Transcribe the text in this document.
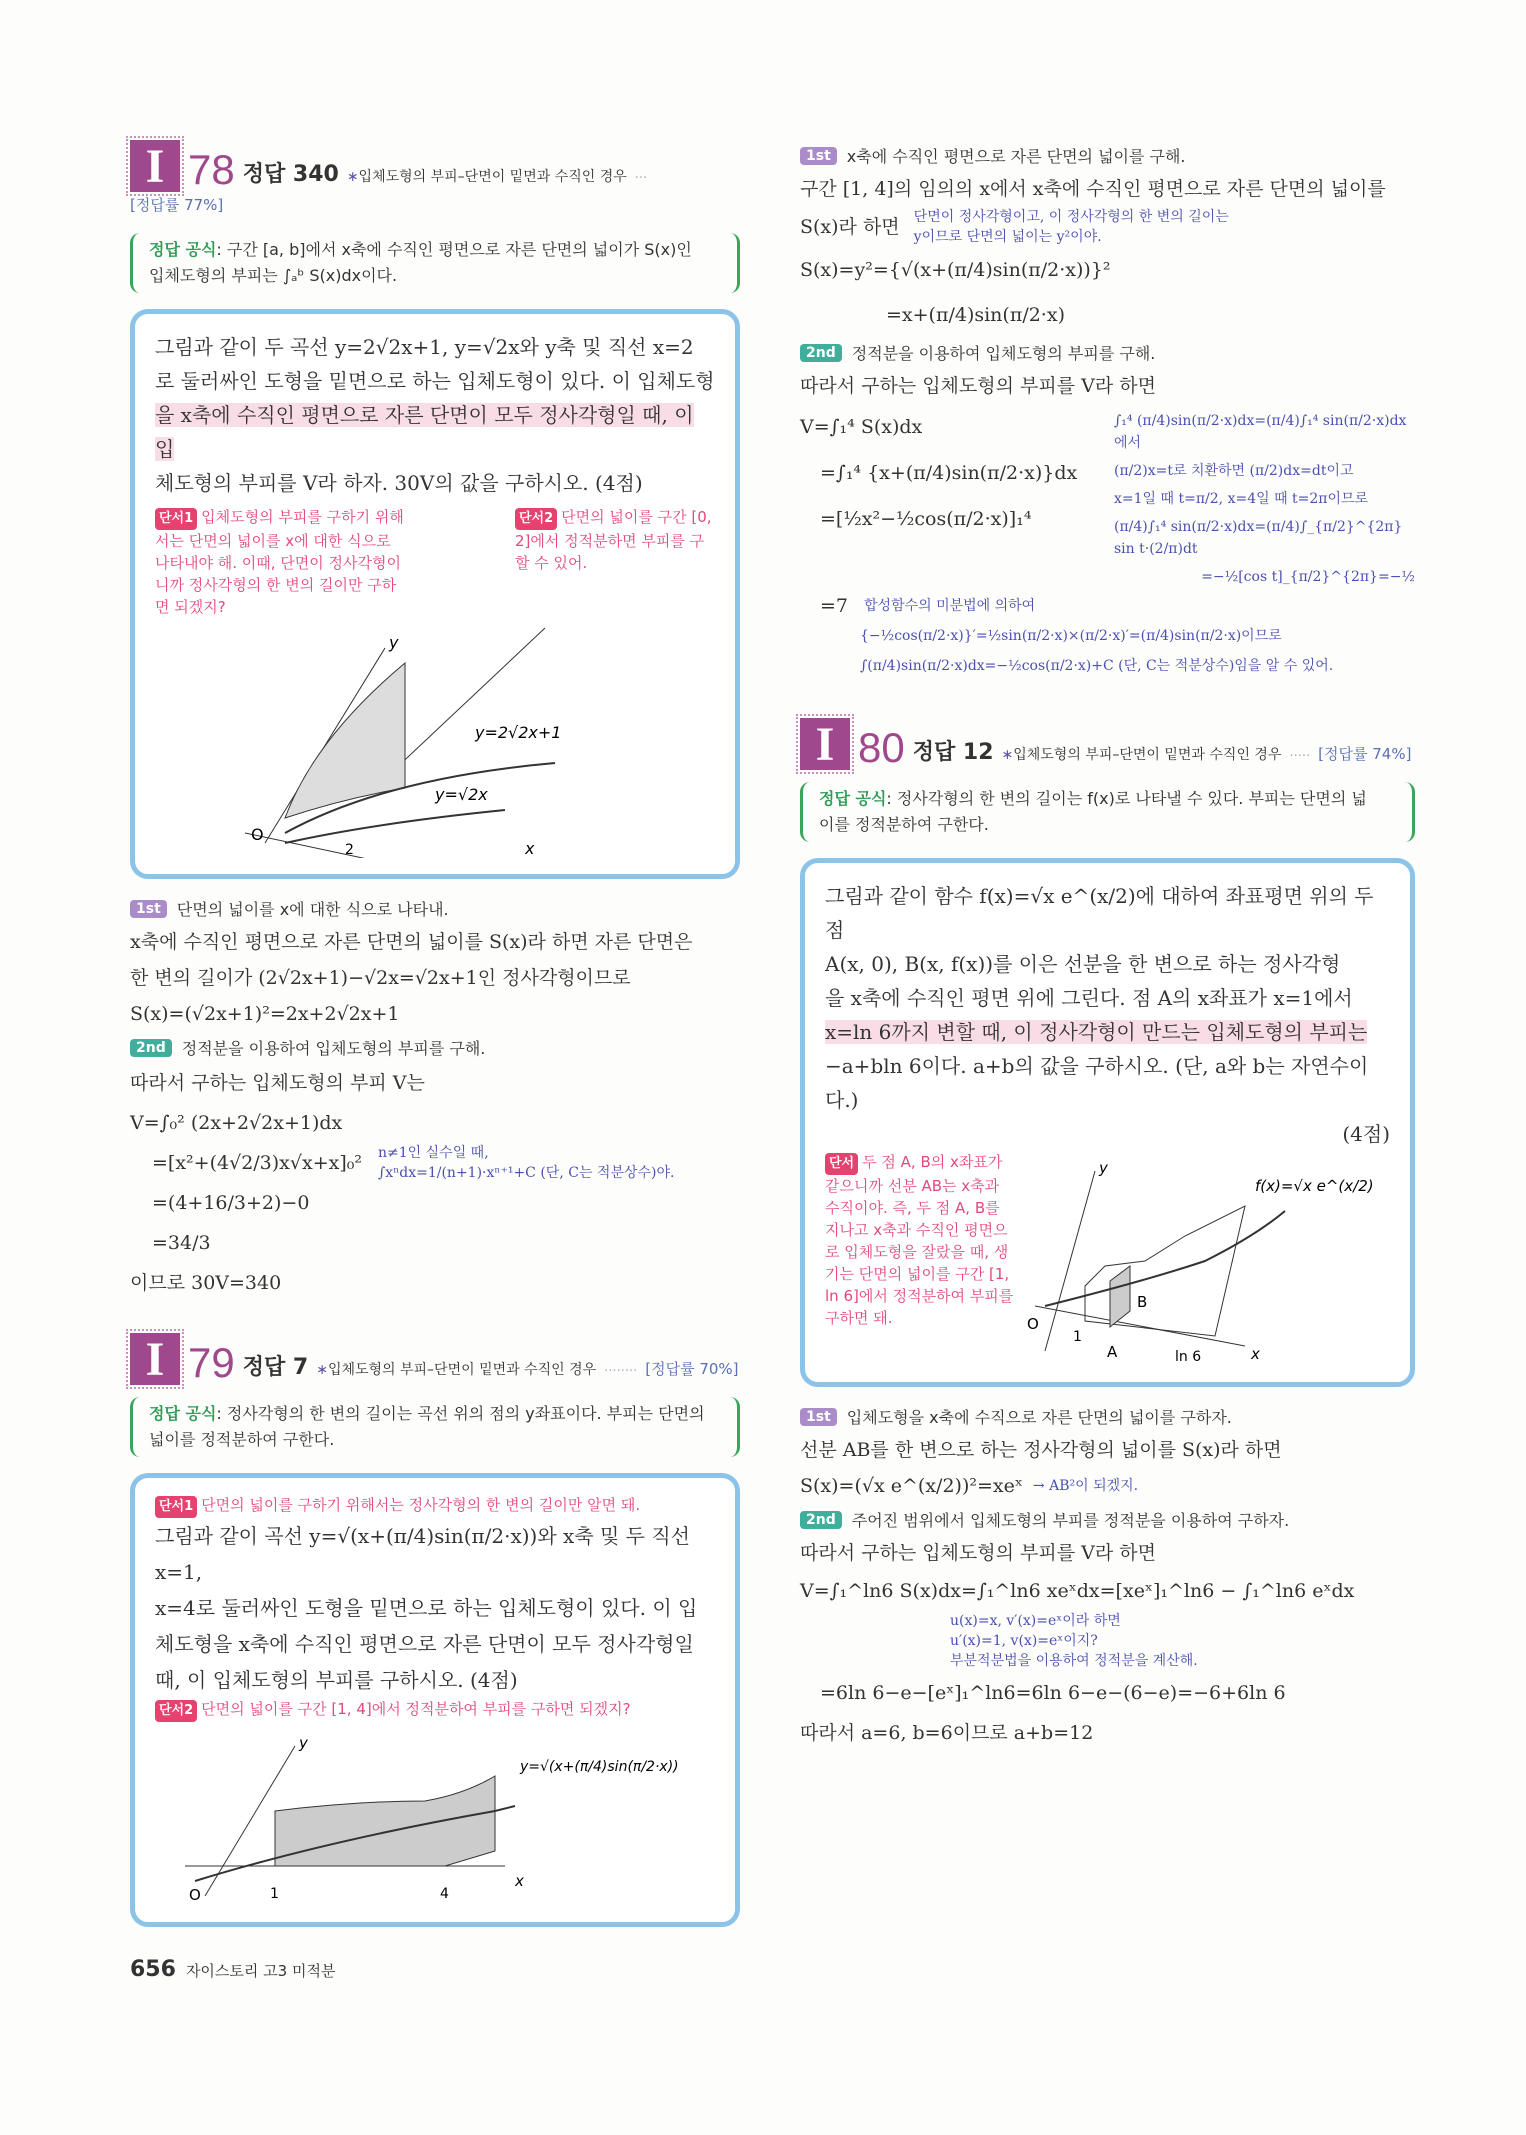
I 78 정답 340 ∗입체도형의 부피–단면이 밑면과 수직인 경우 ···
[정답률 77%]
정답 공식: 구간 [a, b]에서 x축에 수직인 평면으로 자른 단면의 넓이가 S(x)인
입체도형의 부피는 ∫ₐᵇ S(x)dx이다.
그림과 같이 두 곡선 y=2√2x+1, y=√2x와 y축 및 직선 x=2
로 둘러싸인 도형을 밑면으로 하는 입체도형이 있다. 이 입체도형
을 x축에 수직인 평면으로 자른 단면이 모두 정사각형일 때, 이 입
체도형의 부피를 V라 하자. 30V의 값을 구하시오. (4점)
단서1 입체도형의 부피를 구하기 위해서는 단면의 넓이를 x에 대한 식으로 나타내야 해. 이때, 단면이 정사각형이니까 정사각형의 한 변의 길이만 구하면 되겠지?
단서2 단면의 넓이를 구간 [0, 2]에서 정적분하면 부피를 구할 수 있어.
y
x
O
2
y=2√2x+1
y=√2x
1st	단면의 넓이를 x에 대한 식으로 나타내.
x축에 수직인 평면으로 자른 단면의 넓이를 S(x)라 하면 자른 단면은
한 변의 길이가 (2√2x+1)−√2x=√2x+1인 정사각형이므로
S(x)=(√2x+1)²=2x+2√2x+1
2nd	정적분을 이용하여 입체도형의 부피를 구해.
따라서 구하는 입체도형의 부피 V는
V=∫₀² (2x+2√2x+1)dx
=[x²+(4√2/3)x√x+x]₀² n≠1인 실수일 때,
∫xⁿdx=1/(n+1)·xⁿ⁺¹+C (단, C는 적분상수)야.
=(4+16/3+2)−0
=34/3
이므로 30V=340
I 79 정답 7 ∗입체도형의 부피–단면이 밑면과 수직인 경우 ········ [정답률 70%]
정답 공식: 정사각형의 한 변의 길이는 곡선 위의 점의 y좌표이다. 부피는 단면의
넓이를 정적분하여 구한다.
단서1 단면의 넓이를 구하기 위해서는 정사각형의 한 변의 길이만 알면 돼.
그림과 같이 곡선 y=√(x+(π/4)sin(π/2·x))와 x축 및 두 직선 x=1,
x=4로 둘러싸인 도형을 밑면으로 하는 입체도형이 있다. 이 입
체도형을 x축에 수직인 평면으로 자른 단면이 모두 정사각형일
때, 이 입체도형의 부피를 구하시오. (4점)
단서2 단면의 넓이를 구간 [1, 4]에서 정적분하여 부피를 구하면 되겠지?
y
x
O	1	4
y=√(x+(π/4)sin(π/2·x))
656 자이스토리 고3 미적분
1st	x축에 수직인 평면으로 자른 단면의 넓이를 구해.
구간 [1, 4]의 임의의 x에서 x축에 수직인 평면으로 자른 단면의 넓이를
S(x)라 하면 단면이 정사각형이고, 이 정사각형의 한 변의 길이는
y이므로 단면의 넓이는 y²이야.
S(x)=y²={√(x+(π/4)sin(π/2·x))}²
=x+(π/4)sin(π/2·x)
2nd	정적분을 이용하여 입체도형의 부피를 구해.
따라서 구하는 입체도형의 부피를 V라 하면
V=∫₁⁴ S(x)dx
=∫₁⁴ {x+(π/4)sin(π/2·x)}dx
=[½x²−½cos(π/2·x)]₁⁴
∫₁⁴ (π/4)sin(π/2·x)dx=(π/4)∫₁⁴ sin(π/2·x)dx에서
(π/2)x=t로 치환하면 (π/2)dx=dt이고
x=1일 때 t=π/2, x=4일 때 t=2π이므로
(π/4)∫₁⁴ sin(π/2·x)dx=(π/4)∫_{π/2}^{2π} sin t·(2/π)dt
=−½[cos t]_{π/2}^{2π}=−½
=7 합성함수의 미분법에 의하여
{−½cos(π/2·x)}′=½sin(π/2·x)×(π/2·x)′=(π/4)sin(π/2·x)이므로
∫(π/4)sin(π/2·x)dx=−½cos(π/2·x)+C (단, C는 적분상수)임을 알 수 있어.
I 80 정답 12 ∗입체도형의 부피–단면이 밑면과 수직인 경우 ····· [정답률 74%]
정답 공식: 정사각형의 한 변의 길이는 f(x)로 나타낼 수 있다. 부피는 단면의 넓
이를 정적분하여 구한다.
그림과 같이 함수 f(x)=√x e^(x/2)에 대하여 좌표평면 위의 두 점
A(x, 0), B(x, f(x))를 이은 선분을 한 변으로 하는 정사각형
을 x축에 수직인 평면 위에 그린다. 점 A의 x좌표가 x=1에서
x=ln 6까지 변할 때, 이 정사각형이 만드는 입체도형의 부피는
−a+bln 6이다. a+b의 값을 구하시오. (단, a와 b는 자연수이다.)
(4점)
단서 두 점 A, B의 x좌표가 같으니까 선분 AB는 x축과 수직이야. 즉, 두 점 A, B를 지나고 x축과 수직인 평면으로 입체도형을 잘랐을 때, 생기는 단면의 넓이를 구간 [1, ln 6]에서 정적분하여 부피를 구하면 돼.
y
x
O
1
A
B
ln 6
f(x)=√x e^(x/2)
1st	입체도형을 x축에 수직으로 자른 단면의 넓이를 구하자.
선분 AB를 한 변으로 하는 정사각형의 넓이를 S(x)라 하면
S(x)=(√x e^(x/2))²=xeˣ → AB²이 되겠지.
2nd	주어진 범위에서 입체도형의 부피를 정적분을 이용하여 구하자.
따라서 구하는 입체도형의 부피를 V라 하면
V=∫₁^ln6 S(x)dx=∫₁^ln6 xeˣdx=[xeˣ]₁^ln6 − ∫₁^ln6 eˣdx
u(x)=x, v′(x)=eˣ이라 하면
u′(x)=1, v(x)=eˣ이지?
부분적분법을 이용하여 정적분을 계산해.
=6ln 6−e−[eˣ]₁^ln6=6ln 6−e−(6−e)=−6+6ln 6
따라서 a=6, b=6이므로 a+b=12
